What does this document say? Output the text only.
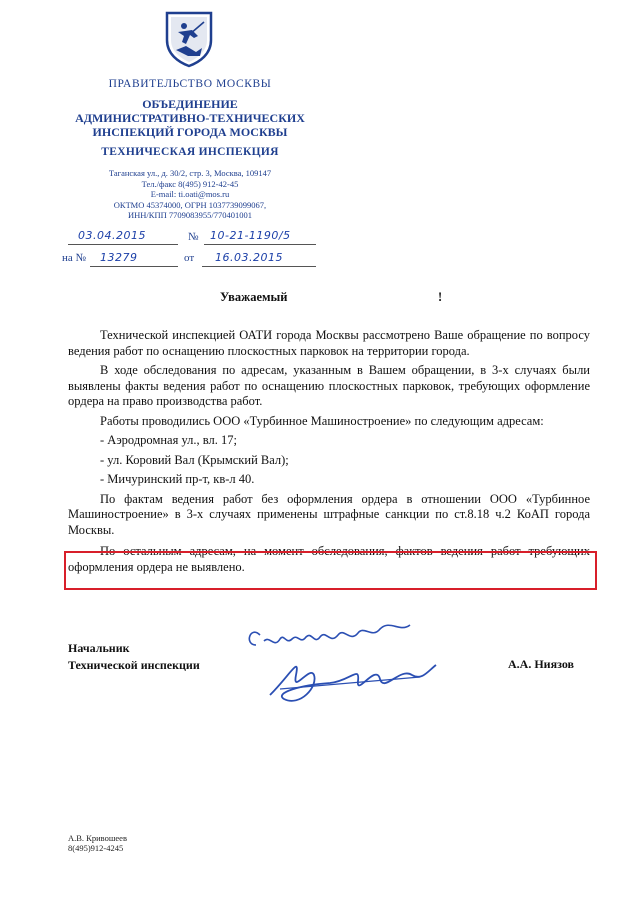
ПРАВИТЕЛЬСТВО МОСКВЫ
ОБЪЕДИНЕНИЕ
АДМИНИСТРАТИВНО-ТЕХНИЧЕСКИХ
ИНСПЕКЦИЙ ГОРОДА МОСКВЫ
ТЕХНИЧЕСКАЯ ИНСПЕКЦИЯ
Таганская ул., д. 30/2, стр. 3, Москва, 109147
Тел./факс 8(495) 912-42-45
E-mail: ti.oati@mos.ru
ОКТМО 45374000, ОГРН 1037739099067,
ИНН/КПП 7709083955/770401001
03.04.2015	№ 10-21-1190/5
на № 13279	от 16.03.2015
Уважаемый	!

Технической инспекцией ОАТИ города Москвы рассмотрено Ваше обращение по вопросу ведения работ по оснащению плоскостных парковок на территории города.

В ходе обследования по адресам, указанным в Вашем обращении, в 3-х случаях были выявлены факты ведения работ по оснащению плоскостных парковок, требующих оформление ордера на право производства работ.

Работы проводились ООО «Турбинное Машиностроение» по следующим адресам:

- Аэродромная ул., вл. 17;

- ул. Коровий Вал (Крымский Вал);

- Мичуринский пр-т, кв-л 40.

По фактам ведения работ без оформления ордера в отношении ООО «Турбинное Машиностроение» в 3-х случаях применены штрафные санкции по ст.8.18 ч.2 КоАП города Москвы.

По остальным адресам, на момент обследования, фактов ведения работ требующих оформления ордера не выявлено.

Начальник
Технической инспекции	А.А. Ниязов
А.В. Кривошеев
8(495)912-4245
